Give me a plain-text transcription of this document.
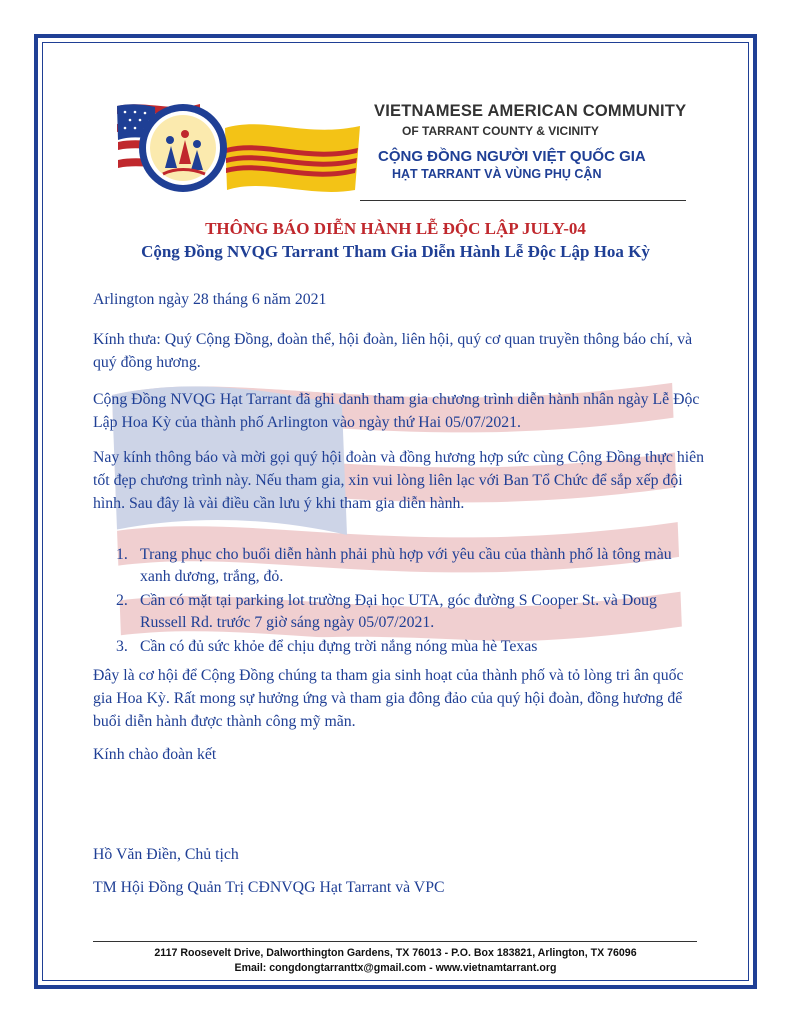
VIETNAMESE AMERICAN COMMUNITY
OF TARRANT COUNTY & VICINITY
CỘNG ĐỒNG NGƯỜI VIỆT QUỐC GIA
HẠT TARRANT VÀ VÙNG PHỤ CẬN
THÔNG BÁO DIỄN HÀNH LỄ ĐỘC LẬP JULY-04
Cộng Đồng NVQG Tarrant Tham Gia Diễn Hành Lễ Độc Lập Hoa Kỳ
Arlington ngày 28 tháng 6 năm 2021
Kính thưa: Quý Cộng Đồng, đoàn thể, hội đoàn, liên hội, quý cơ quan truyền thông báo chí, và quý đồng hương.
Cộng Đồng NVQG Hạt Tarrant đã ghi danh tham gia chương trình diễn hành nhân ngày Lễ Độc Lập Hoa Kỳ của thành phố Arlington vào ngày thứ Hai 05/07/2021.
Nay kính thông báo và mời gọi quý hội đoàn và đồng hương hợp sức cùng Cộng Đồng thực hiên tốt đẹp chương trình này. Nếu tham gia, xin vui lòng liên lạc với Ban Tổ Chức để sắp xếp đội hình. Sau đây là vài điều cần lưu ý khi tham gia diễn hành.
1. Trang phục cho buổi diễn hành phải phù hợp với yêu cầu của thành phố là tông màu xanh dương, trắng, đỏ.
2. Cần có mặt tại parking lot trường Đại học UTA, góc đường S Cooper St. và Doug Russell Rd. trước 7 giờ sáng ngày 05/07/2021.
3. Cần có đủ sức khỏe để chịu đựng trời nắng nóng mùa hè Texas
Đây là cơ hội để Cộng Đồng chúng ta tham gia sinh hoạt của thành phố và tỏ lòng tri ân quốc gia Hoa Kỳ. Rất mong sự hưởng ứng và tham gia đông đảo của quý hội đoàn, đồng hương để buổi diễn hành được thành công mỹ mãn.
Kính chào đoàn kết
Hồ Văn Điền, Chủ tịch
TM Hội Đồng Quản Trị CĐNVQG Hạt Tarrant và VPC
2117 Roosevelt Drive, Dalworthington Gardens, TX 76013 - P.O. Box 183821, Arlington, TX 76096
Email: congdongtarranttx@gmail.com - www.vietnamtarrant.org
